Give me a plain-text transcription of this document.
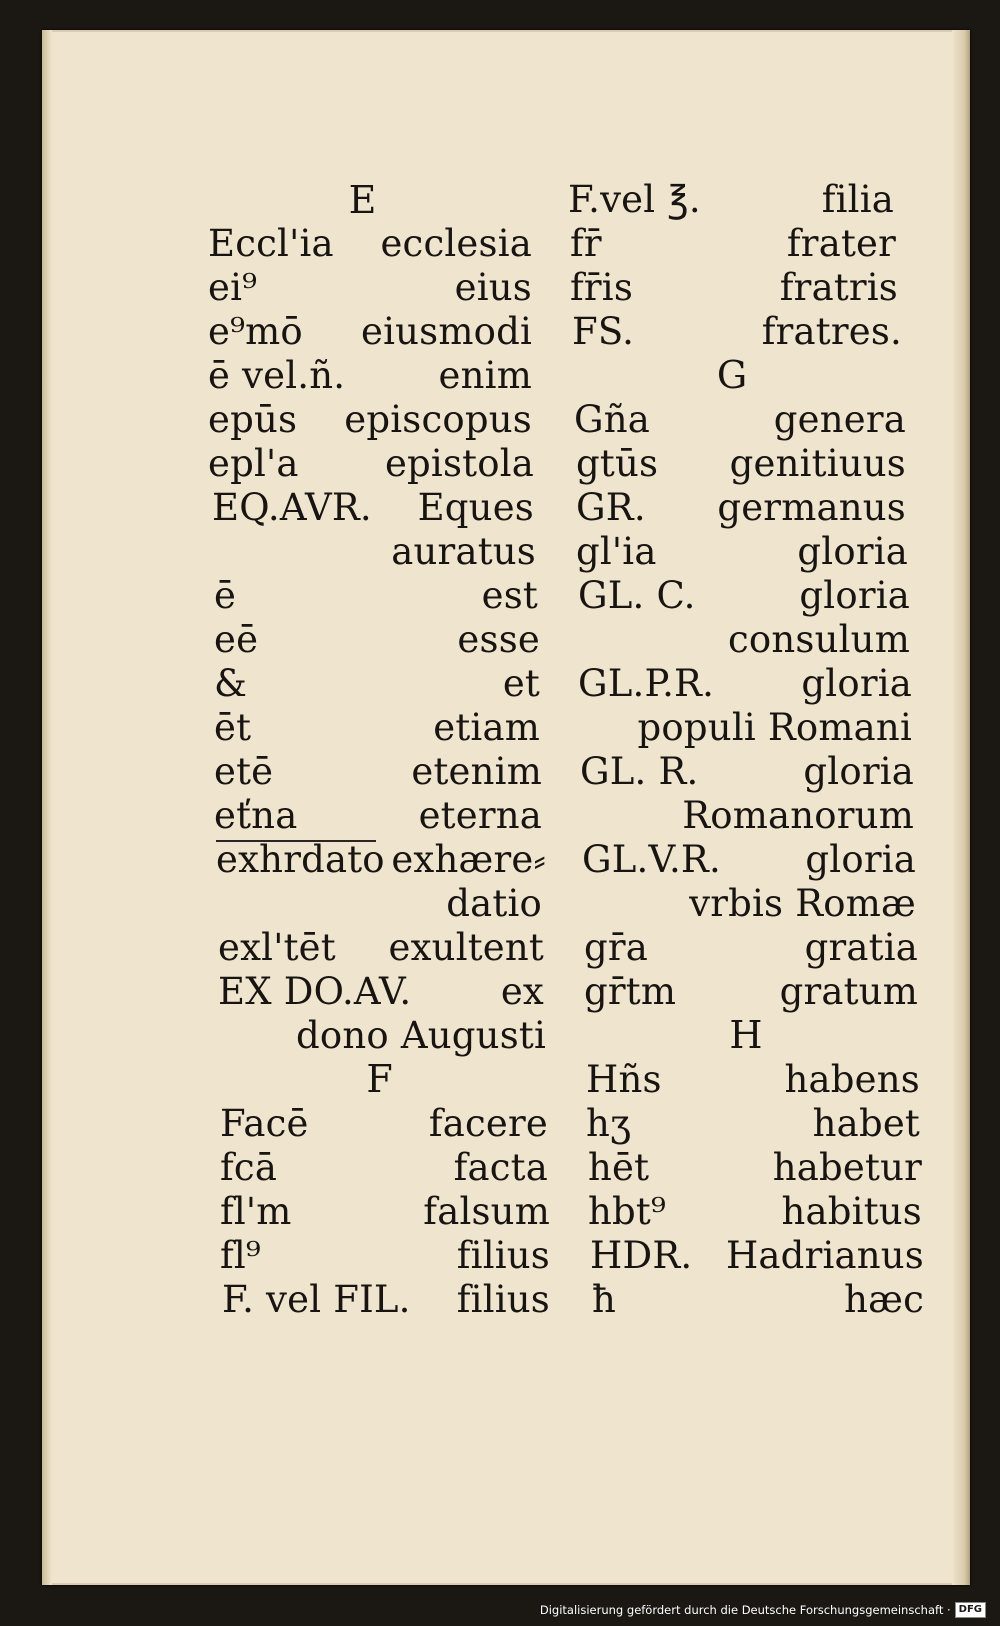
E
Eccl'ia ecclesia
ei⁹	eius
e⁹mō eiusmodi
ē vel.ñ.	enim
epūs episcopus
epl'a epistola
EQ.AVR. Eques
auratus
ē	est
eē	esse
&	et
ēt	etiam
etē	etenim
eťna	eterna
exhrdato exhære⸗
datio
exl'tēt exultent
EX DO.AV. ex
dono Augusti
F
Facē	facere
fcā	facta
fl'm	falsum
fl⁹	filius
F. vel FIL. filius
F.vel ℥.	filia
fr̄	frater
fr̄is	fratris
FS.	fratres.
G
Gña	genera
gtūs genitiuus
GR. germanus
gl'ia	gloria
GL. C.	gloria
consulum
GL.P.R. gloria
populi Romani
GL. R.	gloria
Romanorum
GL.V.R. gloria
vrbis Romæ
gr̄a	gratia
gr̄tm	gratum
H
Hñs	habens
hʒ	habet
hēt	habetur
hbt⁹	habitus
HDR. Hadrianus
ħ	hæc
Digitalisierung gefördert durch die Deutsche Forschungsgemeinschaft · DFG
